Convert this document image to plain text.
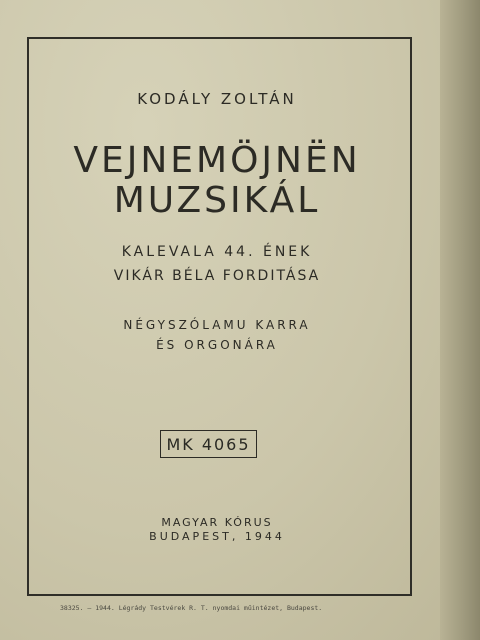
KODÁLY ZOLTÁN
VEJNEMÖJNËN
MUZSIKÁL
KALEVALA 44. ÉNEK
VIKÁR BÉLA FORDITÁSA
NÉGYSZÓLAMU KARRA
ÉS ORGONÁRA
MK 4065
MAGYAR KÓRUS
BUDAPEST, 1944
38325. — 1944. Légrády Testvérek R. T. nyomdai műintézet, Budapest.
